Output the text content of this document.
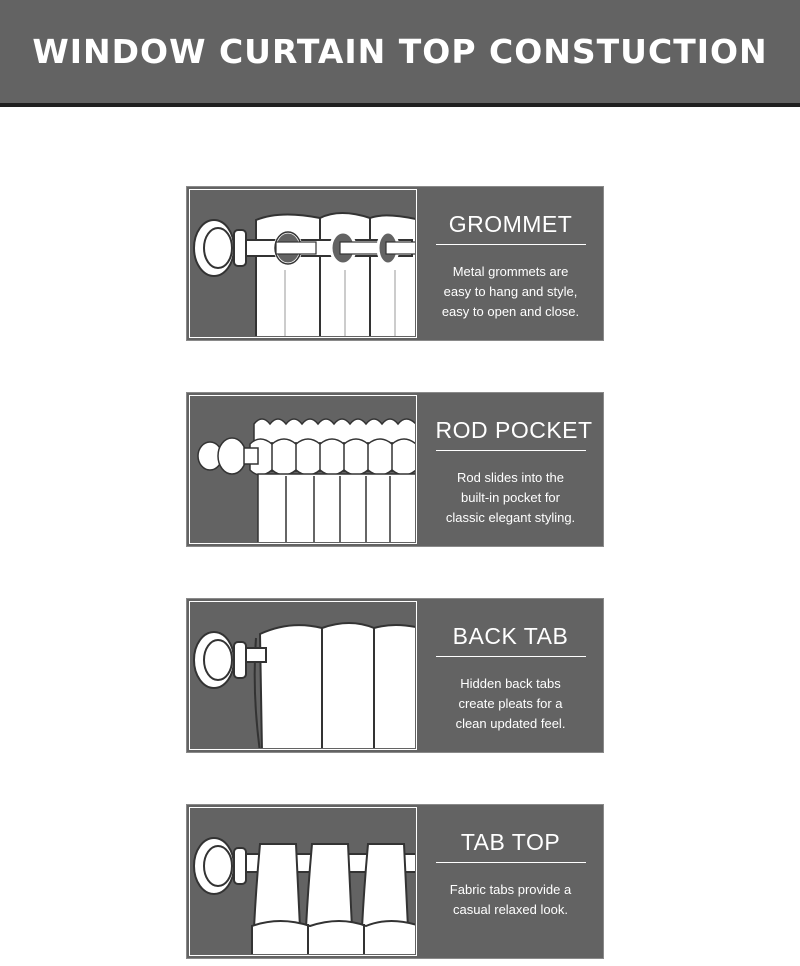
WINDOW CURTAIN TOP CONSTUCTION
GROMMET
Metal grommets are
easy to hang and style,
easy to open and close.
ROD POCKET
Rod slides into the
built-in pocket for
classic elegant styling.
BACK TAB
Hidden back tabs
create pleats for a
clean updated feel.
TAB TOP
Fabric tabs provide a
casual relaxed look.
